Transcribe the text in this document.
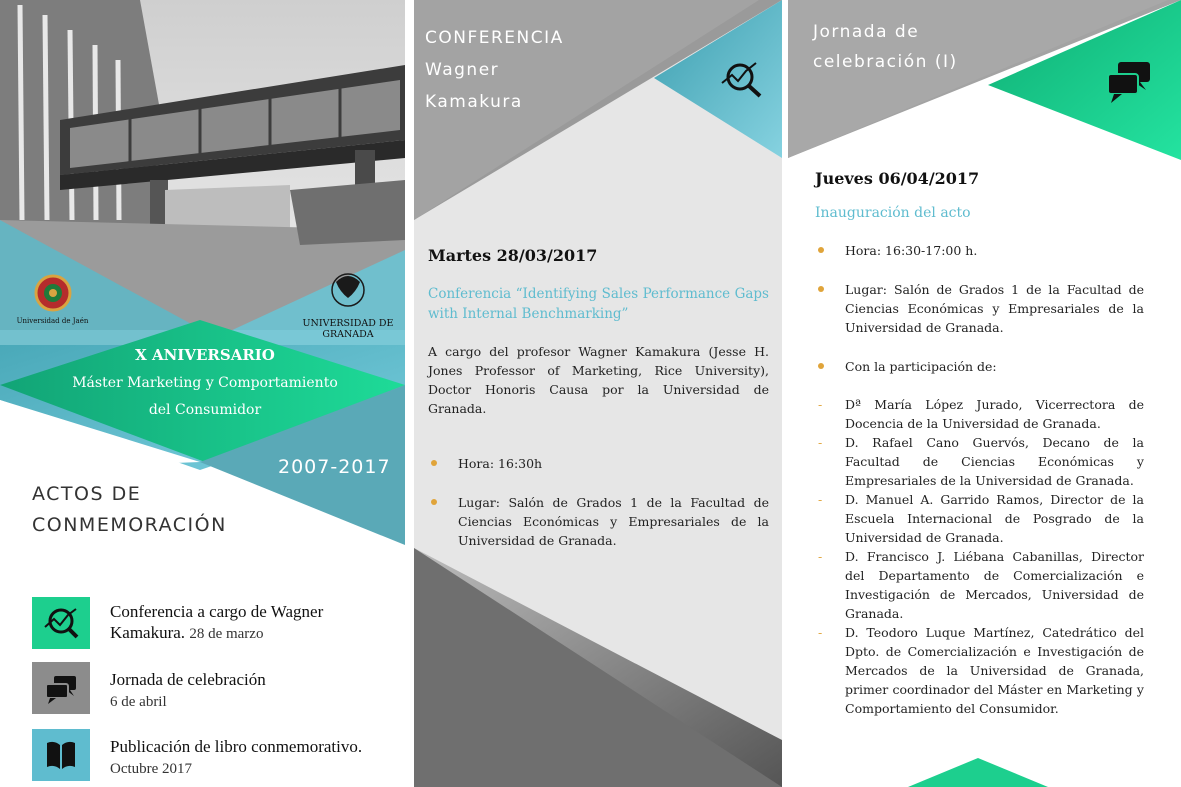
Universidad de Jaén	UNIVERSIDAD DE GRANADA

X ANIVERSARIO

Máster Marketing y Comportamiento

del Consumidor

2007-2017

ACTOS DE

CONMEMORACIÓN

Conferencia a cargo de Wagner Kamakura. 28 de marzo
Jornada de celebración
6 de abril
Publicación de libro conmemorativo. Octubre 2017

CONFERENCIA

Wagner

Kamakura

Martes 28/03/2017

Conferencia “Identifying Sales Performance Gaps with Internal Benchmarking”

A cargo del profesor Wagner Kamakura (Jesse H. Jones Professor of Marketing, Rice University), Doctor Honoris Causa por la Universidad de Granada.

Hora: 16:30h
Lugar: Salón de Grados 1 de la Facultad de Ciencias Económicas y Empresariales de la Universidad de Granada.

Jornada de

celebración (I)

Jueves 06/04/2017

Inauguración del acto

Hora: 16:30-17:00 h.
Lugar: Salón de Grados 1 de la Facultad de Ciencias Económicas y Empresariales de la Universidad de Granada.
Con la participación de:
- Dª María López Jurado, Vicerrectora de Docencia de la Universidad de Granada.
- D. Rafael Cano Guervós, Decano de la Facultad de Ciencias Económicas y Empresariales de la Universidad de Granada.
- D. Manuel A. Garrido Ramos, Director de la Escuela Internacional de Posgrado de la Universidad de Granada.
- D. Francisco J. Liébana Cabanillas, Director del Departamento de Comercialización e Investigación de Mercados, Universidad de Granada.
- D. Teodoro Luque Martínez, Catedrático del Dpto. de Comercialización e Investigación de Mercados de la Universidad de Granada, primer coordinador del Máster en Marketing y Comportamiento del Consumidor.
